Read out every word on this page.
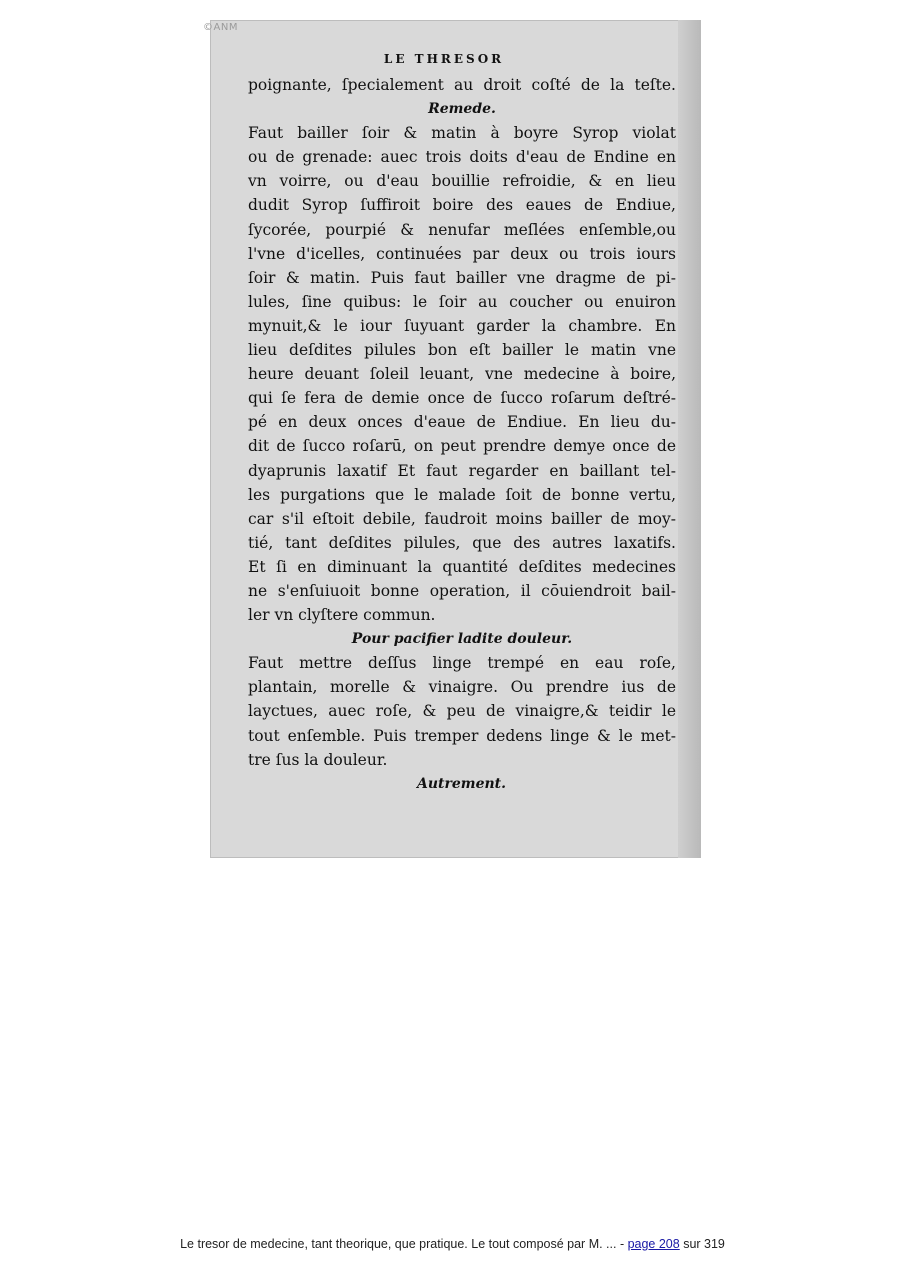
LE THRESOR
poignante, ſpecialement au droit coſté de la teſte.
Remede.
Faut bailler ſoir & matin à boyre Syrop violat
ou de grenade: auec trois doits d'eau de Endine en
vn voirre, ou d'eau bouillie refroidie, & en lieu
dudit Syrop ſuffiroit boire des eaues de Endiue,
ſycorée, pourpié & nenufar meſlées enſemble,ou
l'vne d'icelles, continuées par deux ou trois iours
ſoir & matin. Puis faut bailler vne dragme de pi-
lules, ſine quibus: le ſoir au coucher ou enuiron
mynuit,& le iour ſuyuant garder la chambre. En
lieu deſdites pilules bon eſt bailler le matin vne
heure deuant ſoleil leuant, vne medecine à boire,
qui ſe fera de demie once de ſucco roſarum deſtré-
pé en deux onces d'eaue de Endiue. En lieu du-
dit de ſucco roſarū, on peut prendre demye once de
dyaprunis laxatif Et faut regarder en baillant tel-
les purgations que le malade ſoit de bonne vertu,
car s'il eſtoit debile, faudroit moins bailler de moy-
tié, tant deſdites pilules, que des autres laxatifs.
Et ſi en diminuant la quantité deſdites medecines
ne s'enſuiuoit bonne operation, il cōuiendroit bail-
ler vn clyſtere commun.
Pour pacifier ladite douleur.
Faut mettre deſſus linge trempé en eau roſe,
plantain, morelle & vinaigre. Ou prendre ius de
layctues, auec roſe, & peu de vinaigre,& teidir le
tout enſemble. Puis tremper dedens linge & le met-
tre ſus la douleur.
Autrement.
©ANM
Le tresor de medecine, tant theorique, que pratique. Le tout composé par M. ... - page 208 sur 319
